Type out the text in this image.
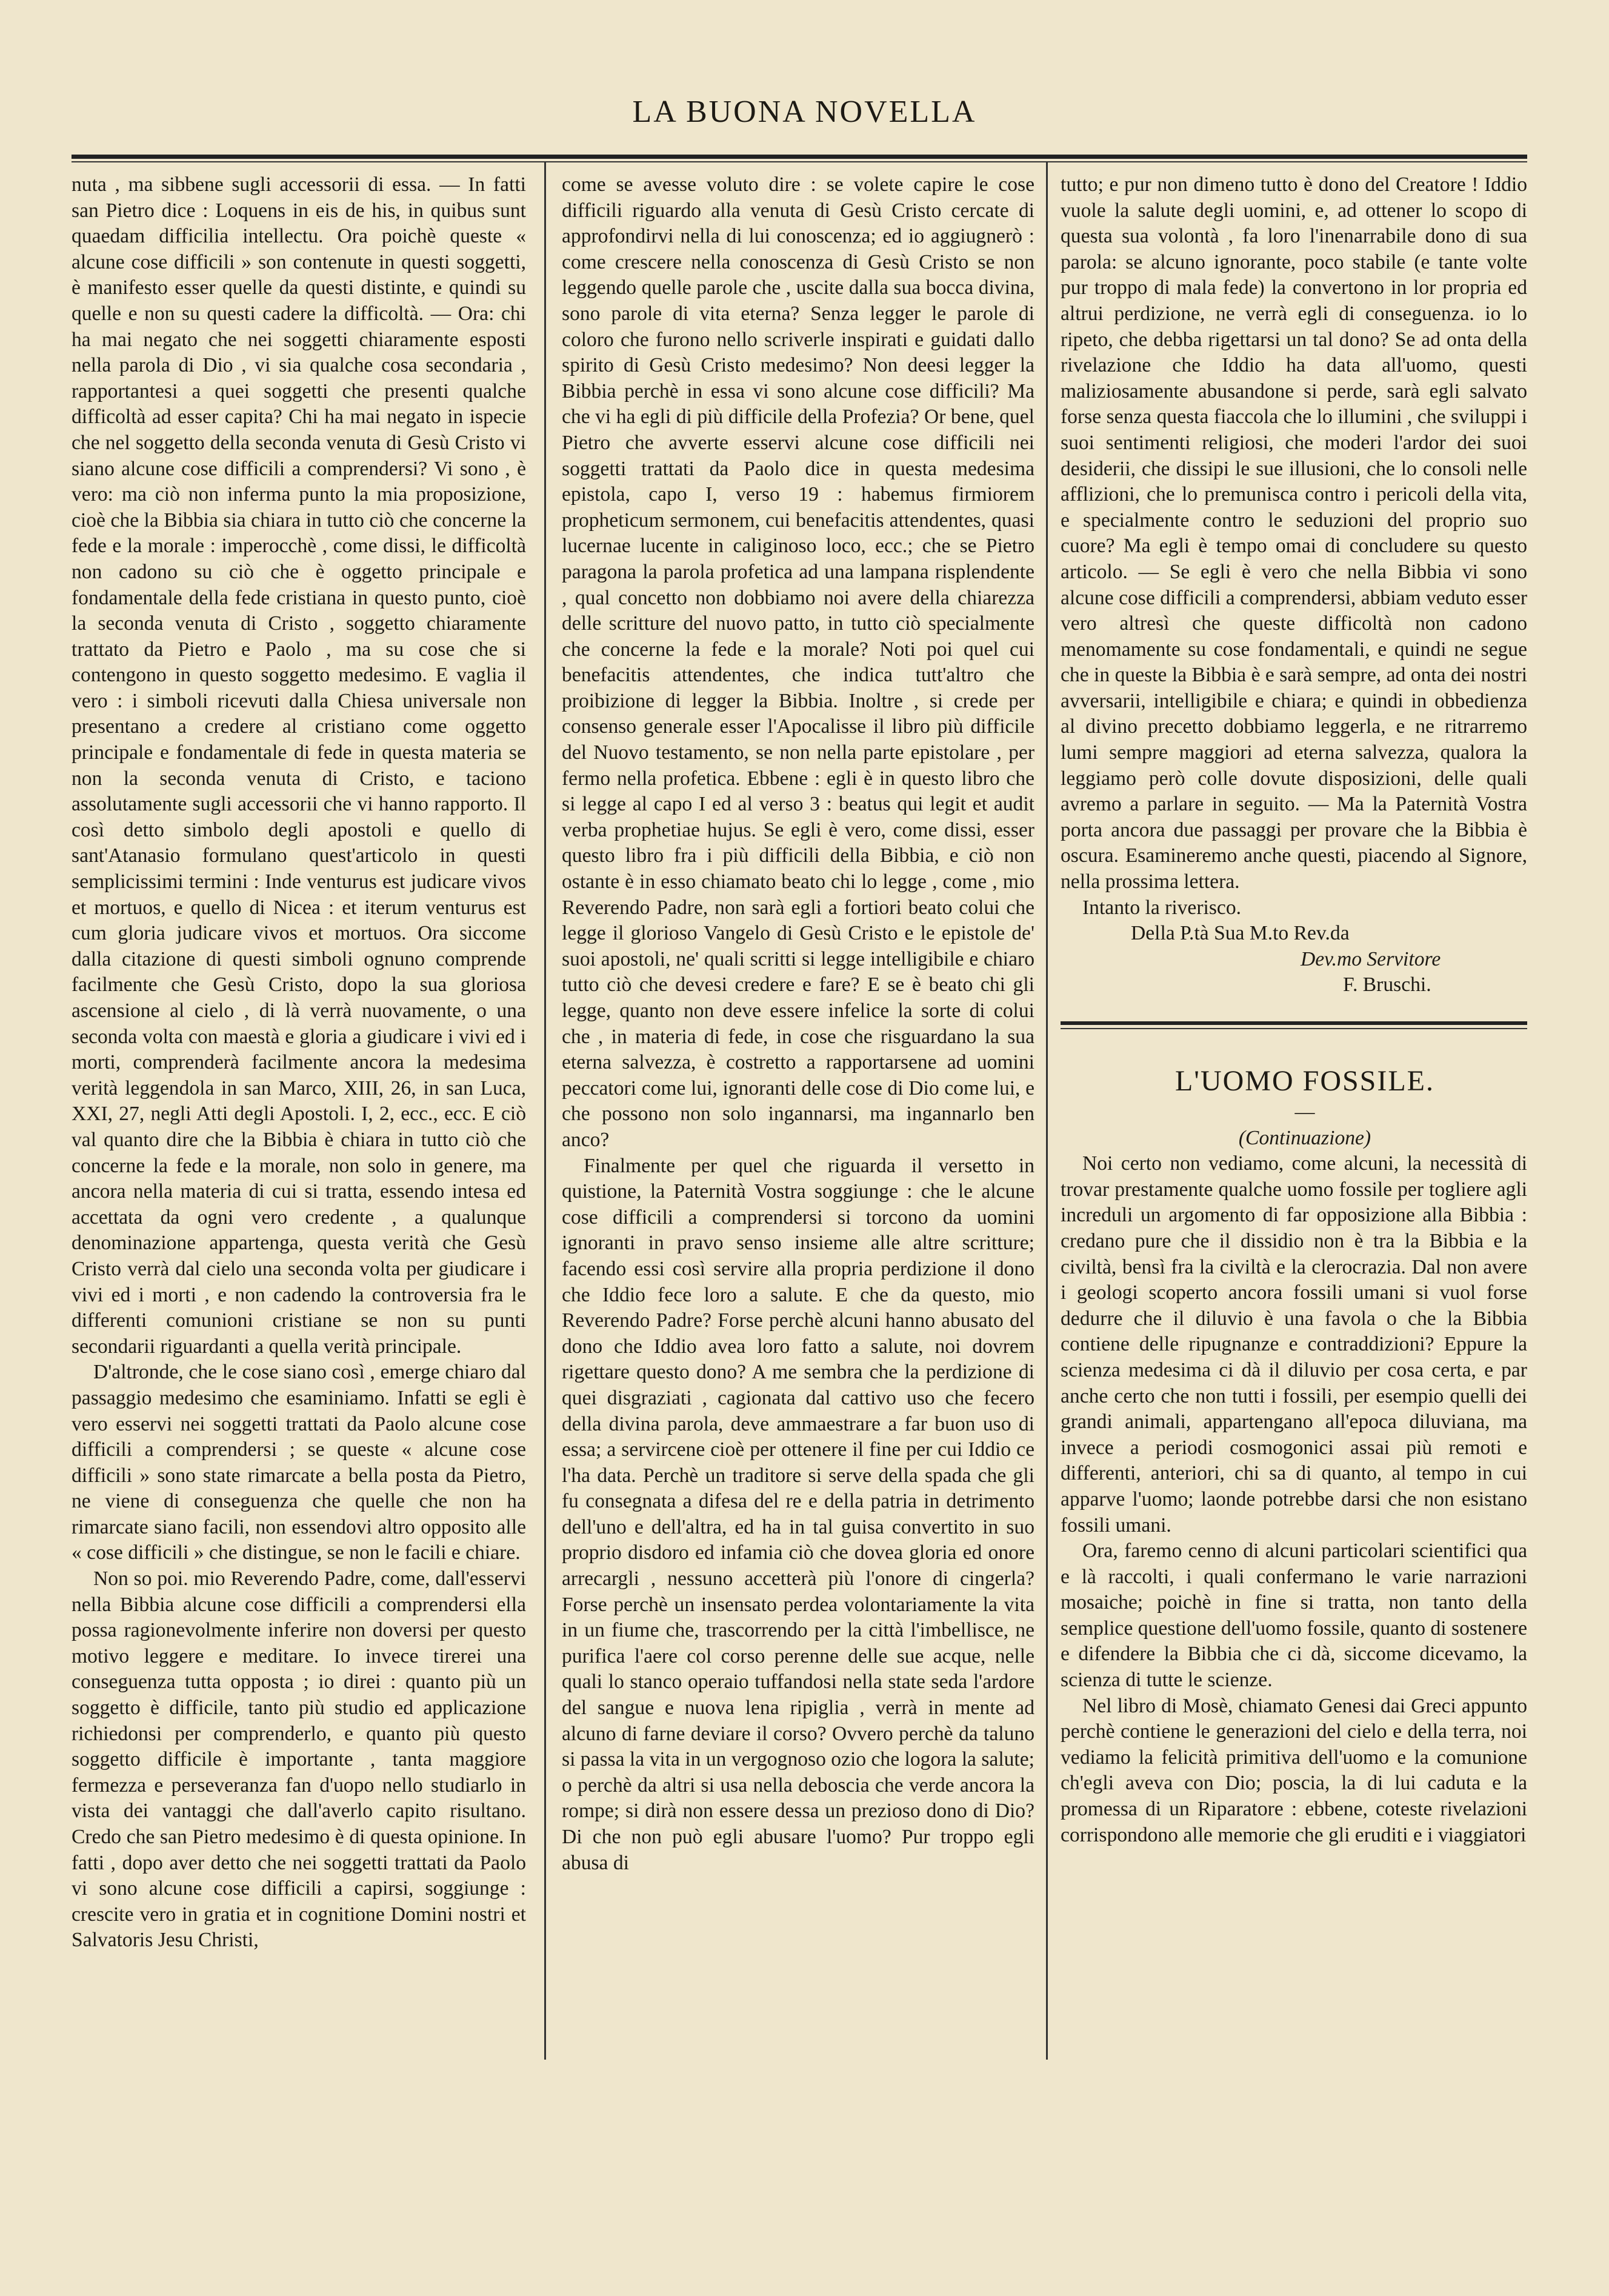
LA BUONA NOVELLA

nuta , ma sibbene sugli accessorii di essa. — In fatti san Pietro dice : Loquens in eis de his, in quibus sunt quaedam difficilia intellectu. Ora poichè queste « alcune cose difficili » son contenute in questi soggetti, è manifesto esser quelle da questi distinte, e quindi su quelle e non su questi cadere la difficoltà. — Ora: chi ha mai negato che nei soggetti chiaramente esposti nella parola di Dio , vi sia qualche cosa secondaria , rapportantesi a quei soggetti che presenti qualche difficoltà ad esser capita? Chi ha mai negato in ispecie che nel soggetto della seconda venuta di Gesù Cristo vi siano alcune cose difficili a comprendersi? Vi sono , è vero: ma ciò non inferma punto la mia proposizione, cioè che la Bibbia sia chiara in tutto ciò che concerne la fede e la morale : imperocchè , come dissi, le difficoltà non cadono su ciò che è oggetto principale e fondamentale della fede cristiana in questo punto, cioè la seconda venuta di Cristo , soggetto chiaramente trattato da Pietro e Paolo , ma su cose che si contengono in questo soggetto medesimo. E vaglia il vero : i simboli ricevuti dalla Chiesa universale non presentano a credere al cristiano come oggetto principale e fondamentale di fede in questa materia se non la seconda venuta di Cristo, e taciono assolutamente sugli accessorii che vi hanno rapporto. Il così detto simbolo degli apostoli e quello di sant'Atanasio formulano quest'articolo in questi semplicissimi termini : Inde venturus est judicare vivos et mortuos, e quello di Nicea : et iterum venturus est cum gloria judicare vivos et mortuos. Ora siccome dalla citazione di questi simboli ognuno comprende facilmente che Gesù Cristo, dopo la sua gloriosa ascensione al cielo , di là verrà nuovamente, o una seconda volta con maestà e gloria a giudicare i vivi ed i morti, comprenderà facilmente ancora la medesima verità leggendola in san Marco, XIII, 26, in san Luca, XXI, 27, negli Atti degli Apostoli. I, 2, ecc., ecc. E ciò val quanto dire che la Bibbia è chiara in tutto ciò che concerne la fede e la morale, non solo in genere, ma ancora nella materia di cui si tratta, essendo intesa ed accettata da ogni vero credente , a qualunque denominazione appartenga, questa verità che Gesù Cristo verrà dal cielo una seconda volta per giudicare i vivi ed i morti , e non cadendo la controversia fra le differenti comunioni cristiane se non su punti secondarii riguardanti a quella verità principale.

D'altronde, che le cose siano così , emerge chiaro dal passaggio medesimo che esaminiamo. Infatti se egli è vero esservi nei soggetti trattati da Paolo alcune cose difficili a comprendersi ; se queste « alcune cose difficili » sono state rimarcate a bella posta da Pietro, ne viene di conseguenza che quelle che non ha rimarcate siano facili, non essendovi altro opposito alle « cose difficili » che distingue, se non le facili e chiare.

Non so poi. mio Reverendo Padre, come, dall'esservi nella Bibbia alcune cose difficili a comprendersi ella possa ragionevolmente inferire non doversi per questo motivo leggere e meditare. Io invece tirerei una conseguenza tutta opposta ; io direi : quanto più un soggetto è difficile, tanto più studio ed applicazione richiedonsi per comprenderlo, e quanto più questo soggetto difficile è importante , tanta maggiore fermezza e perseveranza fan d'uopo nello studiarlo in vista dei vantaggi che dall'averlo capito risultano. Credo che san Pietro medesimo è di questa opinione. In fatti , dopo aver detto che nei soggetti trattati da Paolo vi sono alcune cose difficili a capirsi, soggiunge : crescite vero in gratia et in cognitione Domini nostri et Salvatoris Jesu Christi,

come se avesse voluto dire : se volete capire le cose difficili riguardo alla venuta di Gesù Cristo cercate di approfondirvi nella di lui conoscenza; ed io aggiugnerò : come crescere nella conoscenza di Gesù Cristo se non leggendo quelle parole che , uscite dalla sua bocca divina, sono parole di vita eterna? Senza legger le parole di coloro che furono nello scriverle inspirati e guidati dallo spirito di Gesù Cristo medesimo? Non deesi legger la Bibbia perchè in essa vi sono alcune cose difficili? Ma che vi ha egli di più difficile della Profezia? Or bene, quel Pietro che avverte esservi alcune cose difficili nei soggetti trattati da Paolo dice in questa medesima epistola, capo I, verso 19 : habemus firmiorem propheticum sermonem, cui benefacitis attendentes, quasi lucernae lucente in caliginoso loco, ecc.; che se Pietro paragona la parola profetica ad una lampana risplendente , qual concetto non dobbiamo noi avere della chiarezza delle scritture del nuovo patto, in tutto ciò specialmente che concerne la fede e la morale? Noti poi quel cui benefacitis attendentes, che indica tutt'altro che proibizione di legger la Bibbia. Inoltre , si crede per consenso generale esser l'Apocalisse il libro più difficile del Nuovo testamento, se non nella parte epistolare , per fermo nella profetica. Ebbene : egli è in questo libro che si legge al capo I ed al verso 3 : beatus qui legit et audit verba prophetiae hujus. Se egli è vero, come dissi, esser questo libro fra i più difficili della Bibbia, e ciò non ostante è in esso chiamato beato chi lo legge , come , mio Reverendo Padre, non sarà egli a fortiori beato colui che legge il glorioso Vangelo di Gesù Cristo e le epistole de' suoi apostoli, ne' quali scritti si legge intelligibile e chiaro tutto ciò che devesi credere e fare? E se è beato chi gli legge, quanto non deve essere infelice la sorte di colui che , in materia di fede, in cose che risguardano la sua eterna salvezza, è costretto a rapportarsene ad uomini peccatori come lui, ignoranti delle cose di Dio come lui, e che possono non solo ingannarsi, ma ingannarlo ben anco?

Finalmente per quel che riguarda il versetto in quistione, la Paternità Vostra soggiunge : che le alcune cose difficili a comprendersi si torcono da uomini ignoranti in pravo senso insieme alle altre scritture; facendo essi così servire alla propria perdizione il dono che Iddio fece loro a salute. E che da questo, mio Reverendo Padre? Forse perchè alcuni hanno abusato del dono che Iddio avea loro fatto a salute, noi dovrem rigettare questo dono? A me sembra che la perdizione di quei disgraziati , cagionata dal cattivo uso che fecero della divina parola, deve ammaestrare a far buon uso di essa; a servircene cioè per ottenere il fine per cui Iddio ce l'ha data. Perchè un traditore si serve della spada che gli fu consegnata a difesa del re e della patria in detrimento dell'uno e dell'altra, ed ha in tal guisa convertito in suo proprio disdoro ed infamia ciò che dovea gloria ed onore arrecargli , nessuno accetterà più l'onore di cingerla? Forse perchè un insensato perdea volontariamente la vita in un fiume che, trascorrendo per la città l'imbellisce, ne purifica l'aere col corso perenne delle sue acque, nelle quali lo stanco operaio tuffandosi nella state seda l'ardore del sangue e nuova lena ripiglia , verrà in mente ad alcuno di farne deviare il corso? Ovvero perchè da taluno si passa la vita in un vergognoso ozio che logora la salute; o perchè da altri si usa nella deboscia che verde ancora la rompe; si dirà non essere dessa un prezioso dono di Dio? Di che non può egli abusare l'uomo? Pur troppo egli abusa di

tutto; e pur non dimeno tutto è dono del Creatore ! Iddio vuole la salute degli uomini, e, ad ottener lo scopo di questa sua volontà , fa loro l'inenarrabile dono di sua parola: se alcuno ignorante, poco stabile (e tante volte pur troppo di mala fede) la convertono in lor propria ed altrui perdizione, ne verrà egli di conseguenza. io lo ripeto, che debba rigettarsi un tal dono? Se ad onta della rivelazione che Iddio ha data all'uomo, questi maliziosamente abusandone si perde, sarà egli salvato forse senza questa fiaccola che lo illumini , che sviluppi i suoi sentimenti religiosi, che moderi l'ardor dei suoi desiderii, che dissipi le sue illusioni, che lo consoli nelle afflizioni, che lo premunisca contro i pericoli della vita, e specialmente contro le seduzioni del proprio suo cuore? Ma egli è tempo omai di concludere su questo articolo. — Se egli è vero che nella Bibbia vi sono alcune cose difficili a comprendersi, abbiam veduto esser vero altresì che queste difficoltà non cadono menomamente su cose fondamentali, e quindi ne segue che in queste la Bibbia è e sarà sempre, ad onta dei nostri avversarii, intelligibile e chiara; e quindi in obbedienza al divino precetto dobbiamo leggerla, e ne ritrarremo lumi sempre maggiori ad eterna salvezza, qualora la leggiamo però colle dovute disposizioni, delle quali avremo a parlare in seguito. — Ma la Paternità Vostra porta ancora due passaggi per provare che la Bibbia è oscura. Esamineremo anche questi, piacendo al Signore, nella prossima lettera.

Intanto la riverisco.

Della P.tà Sua M.to Rev.da

Dev.mo Servitore

F. Bruschi.

L'UOMO FOSSILE.

—

(Continuazione)

Noi certo non vediamo, come alcuni, la necessità di trovar prestamente qualche uomo fossile per togliere agli increduli un argomento di far opposizione alla Bibbia : credano pure che il dissidio non è tra la Bibbia e la civiltà, bensì fra la civiltà e la clerocrazia. Dal non avere i geologi scoperto ancora fossili umani si vuol forse dedurre che il diluvio è una favola o che la Bibbia contiene delle ripugnanze e contraddizioni? Eppure la scienza medesima ci dà il diluvio per cosa certa, e par anche certo che non tutti i fossili, per esempio quelli dei grandi animali, appartengano all'epoca diluviana, ma invece a periodi cosmogonici assai più remoti e differenti, anteriori, chi sa di quanto, al tempo in cui apparve l'uomo; laonde potrebbe darsi che non esistano fossili umani.

Ora, faremo cenno di alcuni particolari scientifici qua e là raccolti, i quali confermano le varie narrazioni mosaiche; poichè in fine si tratta, non tanto della semplice questione dell'uomo fossile, quanto di sostenere e difendere la Bibbia che ci dà, siccome dicevamo, la scienza di tutte le scienze.

Nel libro di Mosè, chiamato Genesi dai Greci appunto perchè contiene le generazioni del cielo e della terra, noi vediamo la felicità primitiva dell'uomo e la comunione ch'egli aveva con Dio; poscia, la di lui caduta e la promessa di un Riparatore : ebbene, coteste rivelazioni corrispondono alle memorie che gli eruditi e i viaggiatori
